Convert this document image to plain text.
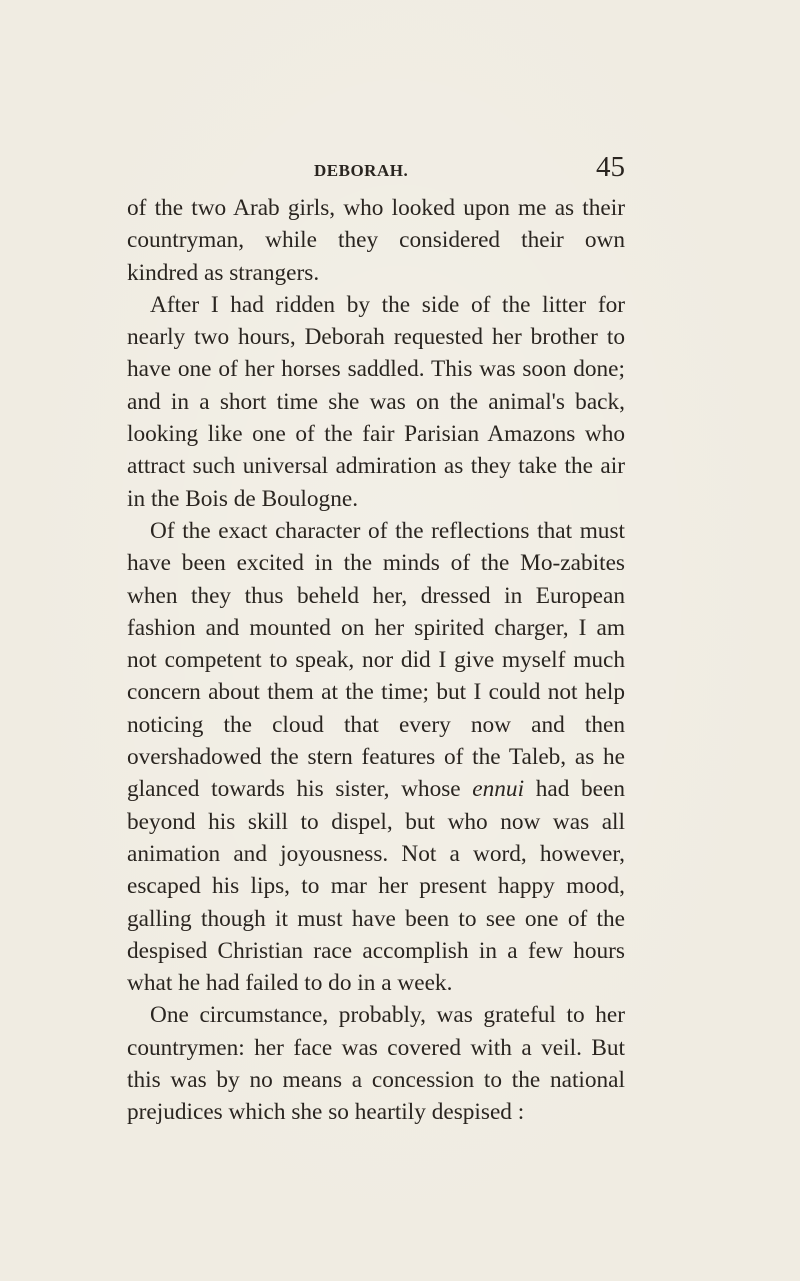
DEBORAH.	45

of the two Arab girls, who looked upon me as their countryman, while they considered their own kindred as strangers.

After I had ridden by the side of the litter for nearly two hours, Deborah requested her brother to have one of her horses saddled. This was soon done; and in a short time she was on the animal's back, looking like one of the fair Parisian Amazons who attract such universal admiration as they take the air in the Bois de Boulogne.

Of the exact character of the reflections that must have been excited in the minds of the Mo-zabites when they thus beheld her, dressed in European fashion and mounted on her spirited charger, I am not competent to speak, nor did I give myself much concern about them at the time; but I could not help noticing the cloud that every now and then overshadowed the stern features of the Taleb, as he glanced towards his sister, whose ennui had been beyond his skill to dispel, but who now was all animation and joyousness. Not a word, however, escaped his lips, to mar her present happy mood, galling though it must have been to see one of the despised Christian race accomplish in a few hours what he had failed to do in a week.

One circumstance, probably, was grateful to her countrymen: her face was covered with a veil. But this was by no means a concession to the national prejudices which she so heartily despised :
